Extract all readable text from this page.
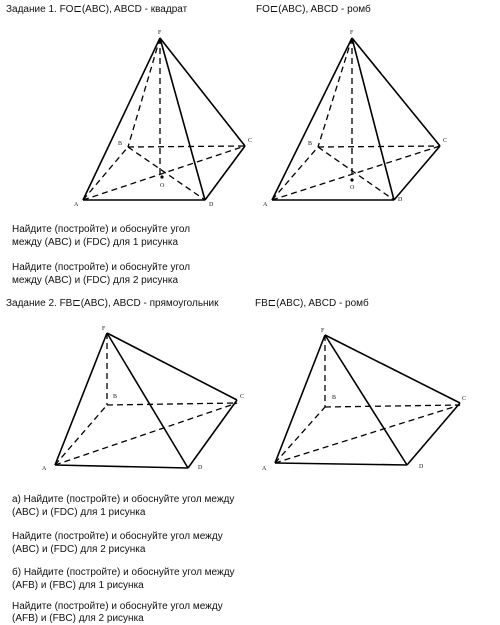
Задание 1. FO⊏(ABC), ABCD - квадрат	FO⊏(ABC), ABCD - ромб
F
A
B	C
D
O
F
A
B	C
D
O
F
A
B	C
D
F
A
B	C
D
Найдите (постройте) и обоснуйте угол
между (ABC) и (FDC) для 1 рисунка
Найдите (постройте) и обоснуйте угол
между (ABC) и (FDC) для 2 рисунка
Задание 2. FB⊏(ABC), ABCD - прямоугольник	FB⊏(ABC), ABCD - ромб
а) Найдите (постройте) и обоснуйте угол между
(ABC) и (FDC) для 1 рисунка
Найдите (постройте) и обоснуйте угол между
(ABC) и (FDC) для 2 рисунка
б) Найдите (постройте) и обоснуйте угол между
(AFB) и (FBC) для 1 рисунка
Найдите (постройте) и обоснуйте угол между
(AFB) и (FBC) для 2 рисунка
